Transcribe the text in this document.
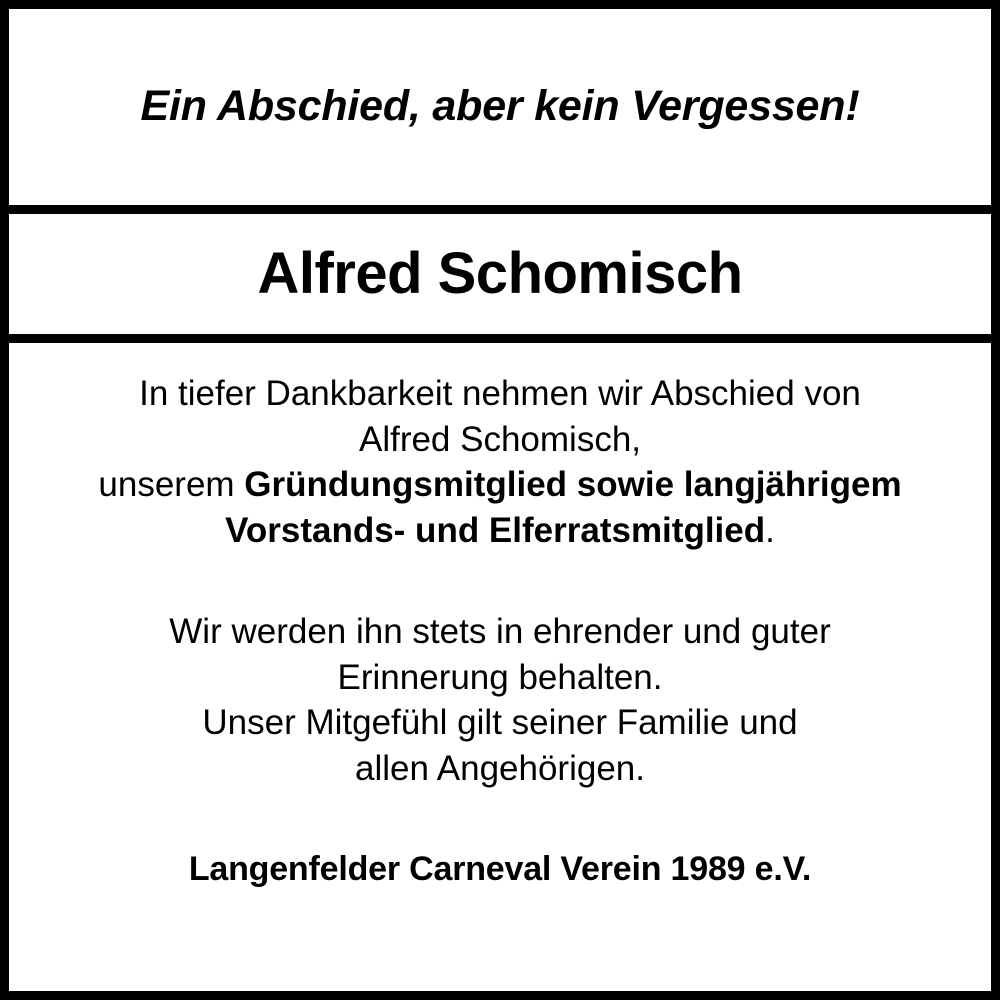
Ein Abschied, aber kein Vergessen!
Alfred Schomisch
In tiefer Dankbarkeit nehmen wir Abschied von
Alfred Schomisch,
unserem Gründungsmitglied sowie langjährigem
Vorstands- und Elferratsmitglied.
Wir werden ihn stets in ehrender und guter
Erinnerung behalten.
Unser Mitgefühl gilt seiner Familie und
allen Angehörigen.
Langenfelder Carneval Verein 1989 e.V.
